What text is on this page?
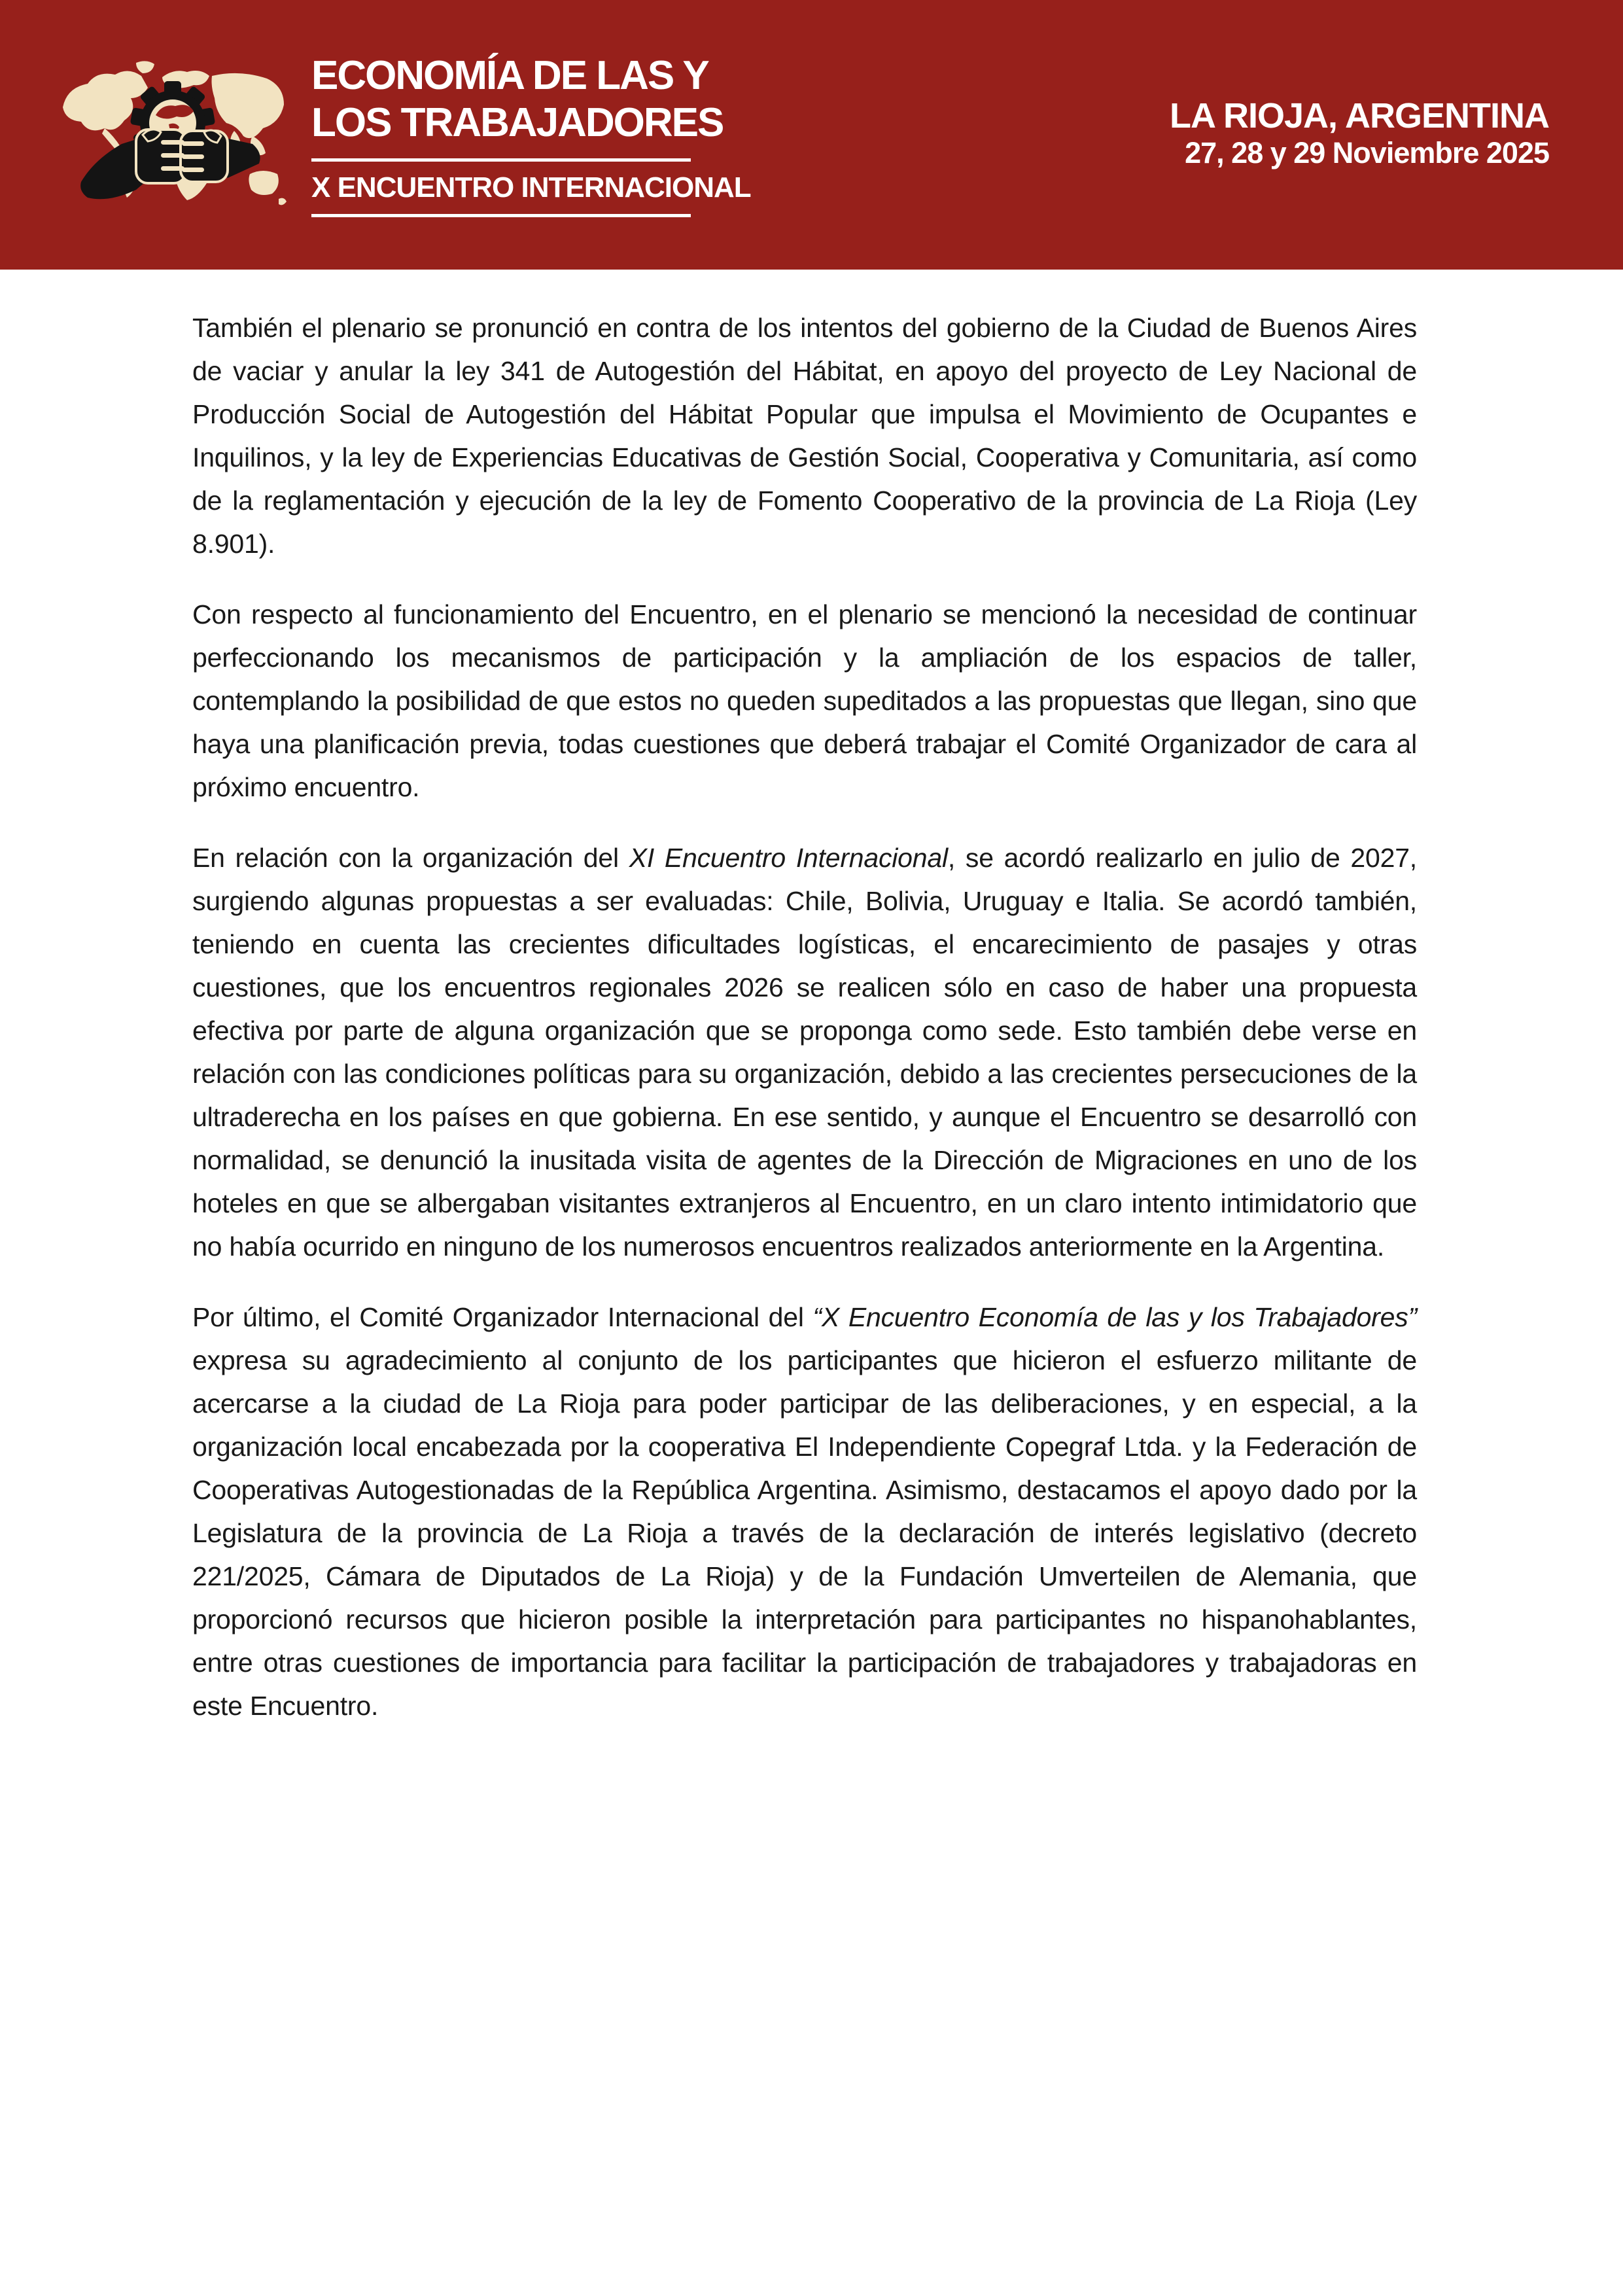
ECONOMÍA DE LAS Y
LOS TRABAJADORES
X ENCUENTRO INTERNACIONAL
LA RIOJA, ARGENTINA
27, 28 y 29 Noviembre 2025

También el plenario se pronunció en contra de los intentos del gobierno de la Ciudad de Buenos Aires de vaciar y anular la ley 341 de Autogestión del Hábitat, en apoyo del proyecto de Ley Nacional de Producción Social de Autogestión del Hábitat Popular que impulsa el Movimiento de Ocupantes e Inquilinos, y la ley de Experiencias Educativas de Gestión Social, Cooperativa y Comunitaria, así como de la reglamentación y ejecución de la ley de Fomento Cooperativo de la provincia de La Rioja (Ley 8.901).

Con respecto al funcionamiento del Encuentro, en el plenario se mencionó la necesidad de continuar perfeccionando los mecanismos de participación y la ampliación de los espacios de taller, contemplando la posibilidad de que estos no queden supeditados a las propuestas que llegan, sino que haya una planificación previa, todas cuestiones que deberá trabajar el Comité Organizador de cara al próximo encuentro.

En relación con la organización del XI Encuentro Internacional, se acordó realizarlo en julio de 2027, surgiendo algunas propuestas a ser evaluadas: Chile, Bolivia, Uruguay e Italia. Se acordó también, teniendo en cuenta las crecientes dificultades logísticas, el encarecimiento de pasajes y otras cuestiones, que los encuentros regionales 2026 se realicen sólo en caso de haber una propuesta efectiva por parte de alguna organización que se proponga como sede. Esto también debe verse en relación con las condiciones políticas para su organización, debido a las crecientes persecuciones de la ultraderecha en los países en que gobierna. En ese sentido, y aunque el Encuentro se desarrolló con normalidad, se denunció la inusitada visita de agentes de la Dirección de Migraciones en uno de los hoteles en que se albergaban visitantes extranjeros al Encuentro, en un claro intento intimidatorio que no había ocurrido en ninguno de los numerosos encuentros realizados anteriormente en la Argentina.

Por último, el Comité Organizador Internacional del “X Encuentro Economía de las y los Trabajadores” expresa su agradecimiento al conjunto de los participantes que hicieron el esfuerzo militante de acercarse a la ciudad de La Rioja para poder participar de las deliberaciones, y en especial, a la organización local encabezada por la cooperativa El Independiente Copegraf Ltda. y la Federación de Cooperativas Autogestionadas de la República Argentina. Asimismo, destacamos el apoyo dado por la Legislatura de la provincia de La Rioja a través de la declaración de interés legislativo (decreto 221/2025, Cámara de Diputados de La Rioja) y de la Fundación Umverteilen de Alemania, que proporcionó recursos que hicieron posible la interpretación para participantes no hispanohablantes, entre otras cuestiones de importancia para facilitar la participación de trabajadores y trabajadoras en este Encuentro.
